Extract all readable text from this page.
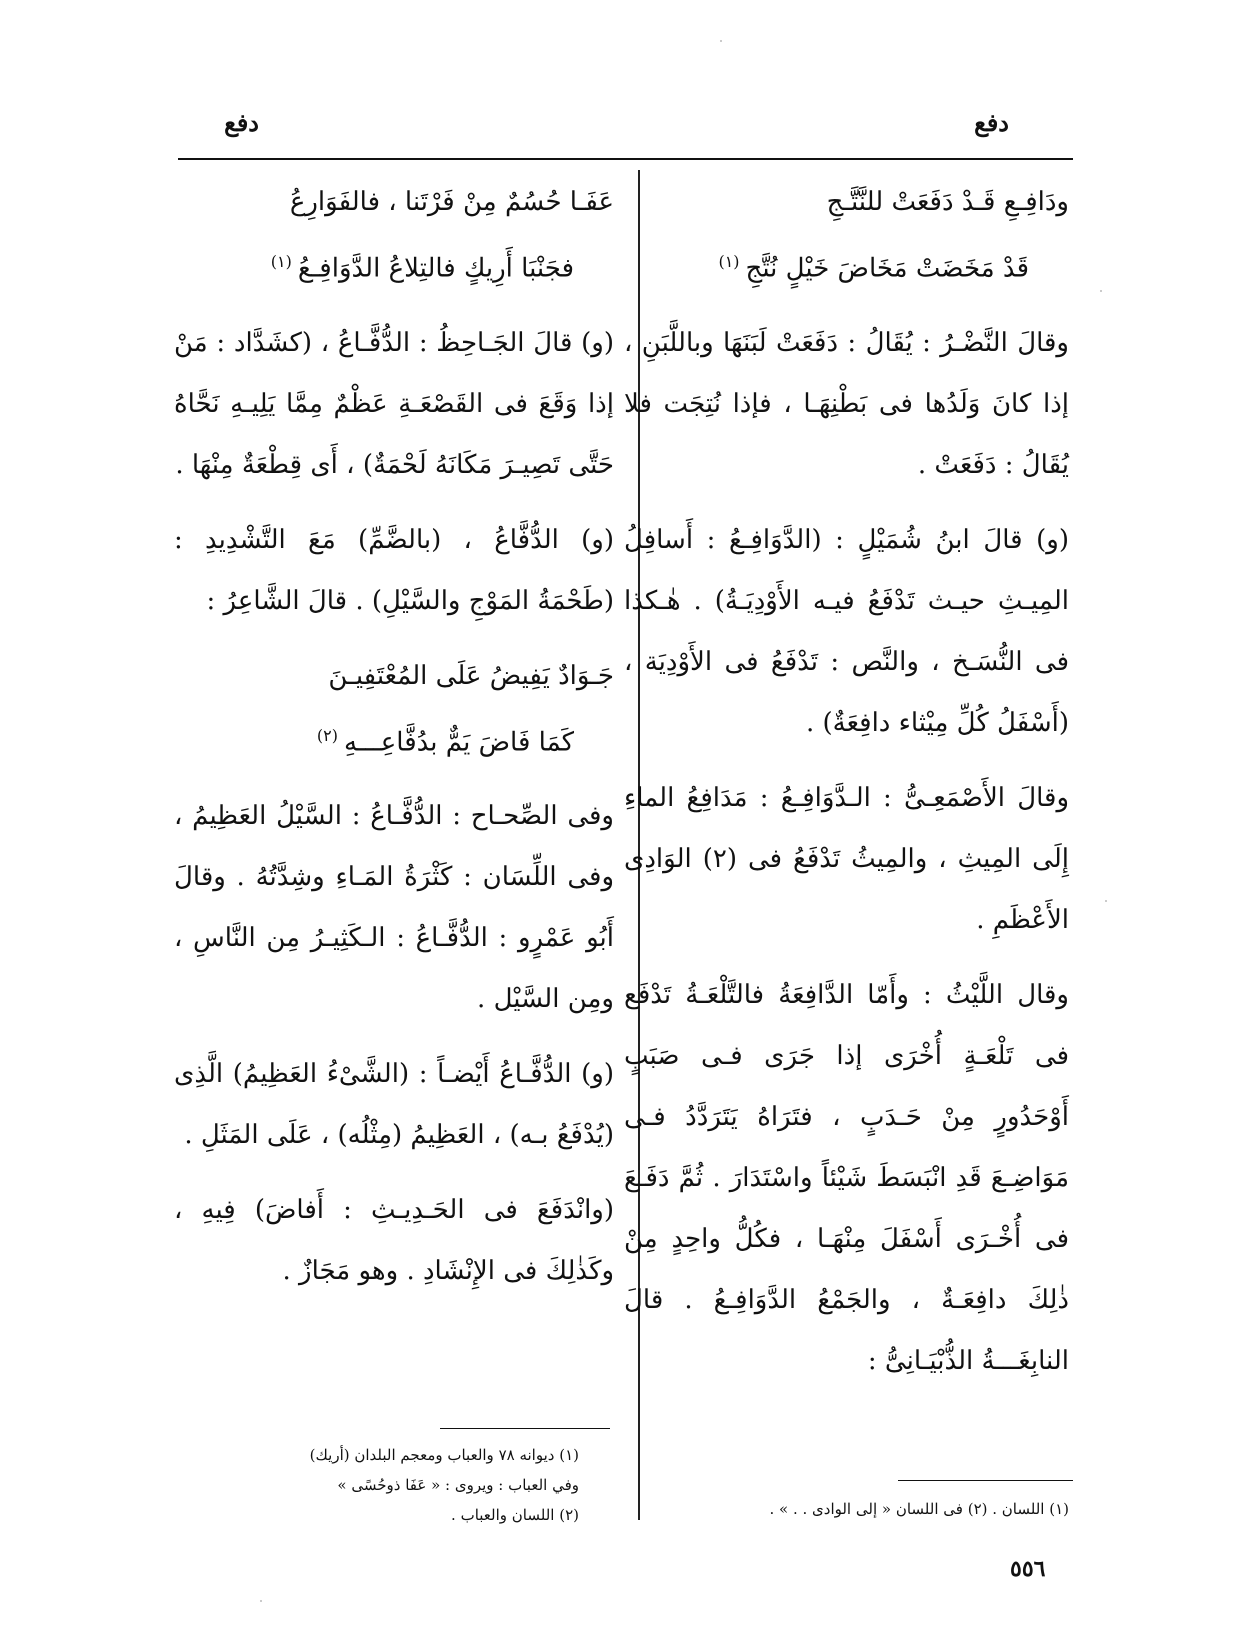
دفع
دفع
ودَافِـعِ قَـدْ دَفَعَتْ للنَّتَّـجِ
قَدْ مَخَضَتْ مَخَاضَ خَيْلٍ نُتَّجِ$^{(١)}$

وقالَ النَّضْـرُ : يُقَالُ : دَفَعَتْ لَبَنَهَا وباللَّبَنِ ، إذا كانَ وَلَدُها فى بَطْنِهَـا ، فإذا نُتِجَت فلا يُقَالُ : دَفَعَتْ .

(و) قالَ ابنُ شُمَيْلٍ : (الدَّوَافِـعُ : أَسافِلُ المِيـثِ حيـث تَدْفَعُ فيـه الأَوْدِيَـةُ) . هٰـكذا فى النُّسَـخ ، والنَّص : تَدْفَعُ فى الأَوْدِيَة ، (أَسْفَلُ كُلِّ مِيْثاء دافِعَةٌ) .

وقالَ الأَصْمَعِـىُّ : الـدَّوَافِـعُ : مَدَافِعُ الماءِ إِلَى المِيثِ ، والمِيثُ تَدْفَعُ فى (٢) الوَادِى الأَعْظَمِ .

وقال اللَّيْثُ : وأَمّا الدَّافِعَةُ فالتَّلْعَـةُ تَدْفَع فى تَلْعَـةٍ أُخْرَى إذا جَرَى فـى صَبَبٍ أَوْحَدُورٍ مِنْ حَـدَبٍ ، فتَرَاهُ يَتَرَدَّدُ فـى مَوَاضِـعَ قَدِ انْبَسَطَ شَيْئاً واسْتَدَارَ . ثُمَّ دَفَـعَ فى أُخْـرَى أَسْفَلَ مِنْهَـا ، فكُلُّ واحِدٍ مِنْ ذٰلِكَ دافِعَـةٌ ، والجَمْعُ الدَّوَافِـعُ . قالَ النابِغَـــةُ الذُّبْيَـانِىُّ :

عَفَـا حُسُمٌ مِنْ فَرْتَنا ، فالفَوَارِعُ
فجَنْبَا أَرِيكٍ فالتِلاعُ الدَّوَافِـعُ$^{(١)}$

(و) قالَ الجَـاحِظُ : الدُّفَّـاعُ ، (كشَدَّاد : مَنْ إذا وَقَعَ فى القَصْعَـةِ عَظْمٌ مِمَّا يَلِيـهِ نَحَّاهُ حَتَّى تَصِيـرَ مَكَانَهُ لَحْمَةٌ) ، أَى قِطْعَةٌ مِنْهَا .

(و) الدُّفَّاعُ ، (بالضَّمِّ) مَعَ التَّشْدِيدِ : (طَحْمَةُ المَوْجِ والسَّيْلِ) . قالَ الشَّاعِرُ :

جَـوَادٌ يَفِيضُ عَلَى المُعْتَفِيـنَ
كَمَا فَاضَ يَمٌّ بدُفَّاعِـــهِ$^{(٢)}$

وفى الصِّحـاح : الدُّفَّـاعُ : السَّيْلُ العَظِيمُ ، وفى اللِّسَان : كَثْرَةُ المَـاءِ وشِدَّتُهُ . وقالَ أَبُو عَمْرٍو : الدُّفَّـاعُ : الـكَثِيـرُ مِن النَّاسِ ، ومِن السَّيْل .

(و) الدُّفَّـاعُ أَيْضـاً : (الشَّىْءُ العَظِيمُ) الَّذِى (يُدْفَعُ بـه) ، العَظِيمُ (مِثْلُه) ، عَلَى المَثَلِ .

(وانْدَفَعَ فى الحَـدِيـثِ : أَفاضَ) فِيهِ ، وكَذٰلِكَ فى الإِنْشَادِ . وهو مَجَازٌ .

(١) اللسان . (٢) فى اللسان « إلى الوادى . . » .
(١) ديوانه ٧٨ والعباب ومعجم البلدان (أريك)
وفي العباب : ويروى : « عَفَا ذوحُسًى »
(٢) اللسان والعباب .
٥٥٦
